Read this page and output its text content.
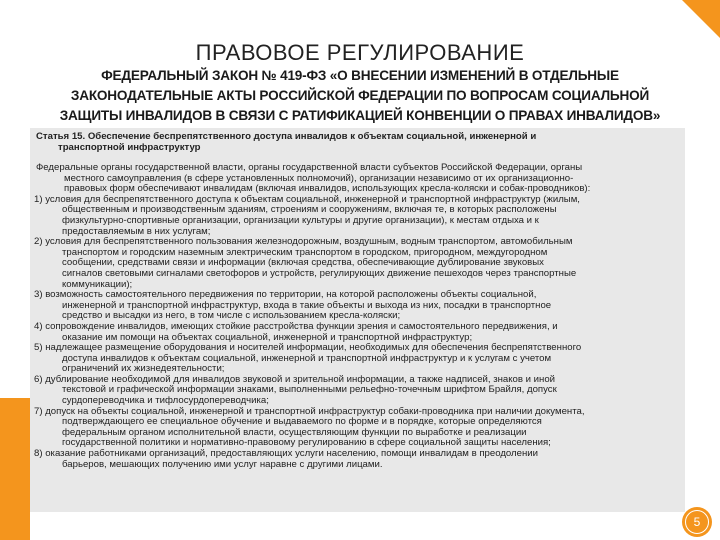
ПРАВОВОЕ РЕГУЛИРОВАНИЕ
ФЕДЕРАЛЬНЫЙ ЗАКОН № 419-ФЗ «О ВНЕСЕНИИ ИЗМЕНЕНИЙ В ОТДЕЛЬНЫЕ
ЗАКОНОДАТЕЛЬНЫЕ АКТЫ РОССИЙСКОЙ ФЕДЕРАЦИИ ПО ВОПРОСАМ СОЦИАЛЬНОЙ
ЗАЩИТЫ ИНВАЛИДОВ В СВЯЗИ С РАТИФИКАЦИЕЙ КОНВЕНЦИИ О ПРАВАХ ИНВАЛИДОВ»
Статья 15. Обеспечение беспрепятственного доступа инвалидов к объектам социальной, инженерной и
транспортной инфраструктур

Федеральные органы государственной власти, органы государственной власти субъектов Российской Федерации, органы

местного самоуправления (в сфере установленных полномочий), организации независимо от их организационно-

правовых форм обеспечивают инвалидам (включая инвалидов, использующих кресла-коляски и собак-проводников):

1) условия для беспрепятственного доступа к объектам социальной, инженерной и транспортной инфраструктур (жилым,

общественным и производственным зданиям, строениям и сооружениям, включая те, в которых расположены

физкультурно-спортивные организации, организации культуры и другие организации), к местам отдыха и к

предоставляемым в них услугам;

2) условия для беспрепятственного пользования железнодорожным, воздушным, водным транспортом, автомобильным

транспортом и городским наземным электрическим транспортом в городском, пригородном, междугородном

сообщении, средствами связи и информации (включая средства, обеспечивающие дублирование звуковых

сигналов световыми сигналами светофоров и устройств, регулирующих движение пешеходов через транспортные

коммуникации);

3) возможность самостоятельного передвижения по территории, на которой расположены объекты социальной,

инженерной и транспортной инфраструктур, входа в такие объекты и выхода из них, посадки в транспортное

средство и высадки из него, в том числе с использованием кресла-коляски;

4) сопровождение инвалидов, имеющих стойкие расстройства функции зрения и самостоятельного передвижения, и

оказание им помощи на объектах социальной, инженерной и транспортной инфраструктур;

5) надлежащее размещение оборудования и носителей информации, необходимых для обеспечения беспрепятственного

доступа инвалидов к объектам социальной, инженерной и транспортной инфраструктур и к услугам с учетом

ограничений их жизнедеятельности;

6) дублирование необходимой для инвалидов звуковой и зрительной информации, а также надписей, знаков и иной

текстовой и графической информации знаками, выполненными рельефно-точечным шрифтом Брайля, допуск

сурдопереводчика и тифлосурдопереводчика;

7) допуск на объекты социальной, инженерной и транспортной инфраструктур собаки-проводника при наличии документа,

подтверждающего ее специальное обучение и выдаваемого по форме и в порядке, которые определяются

федеральным органом исполнительной власти, осуществляющим функции по выработке и реализации

государственной политики и нормативно-правовому регулированию в сфере социальной защиты населения;

8) оказание работниками организаций, предоставляющих услуги населению, помощи инвалидам в преодолении

барьеров, мешающих получению ими услуг наравне с другими лицами.

5
